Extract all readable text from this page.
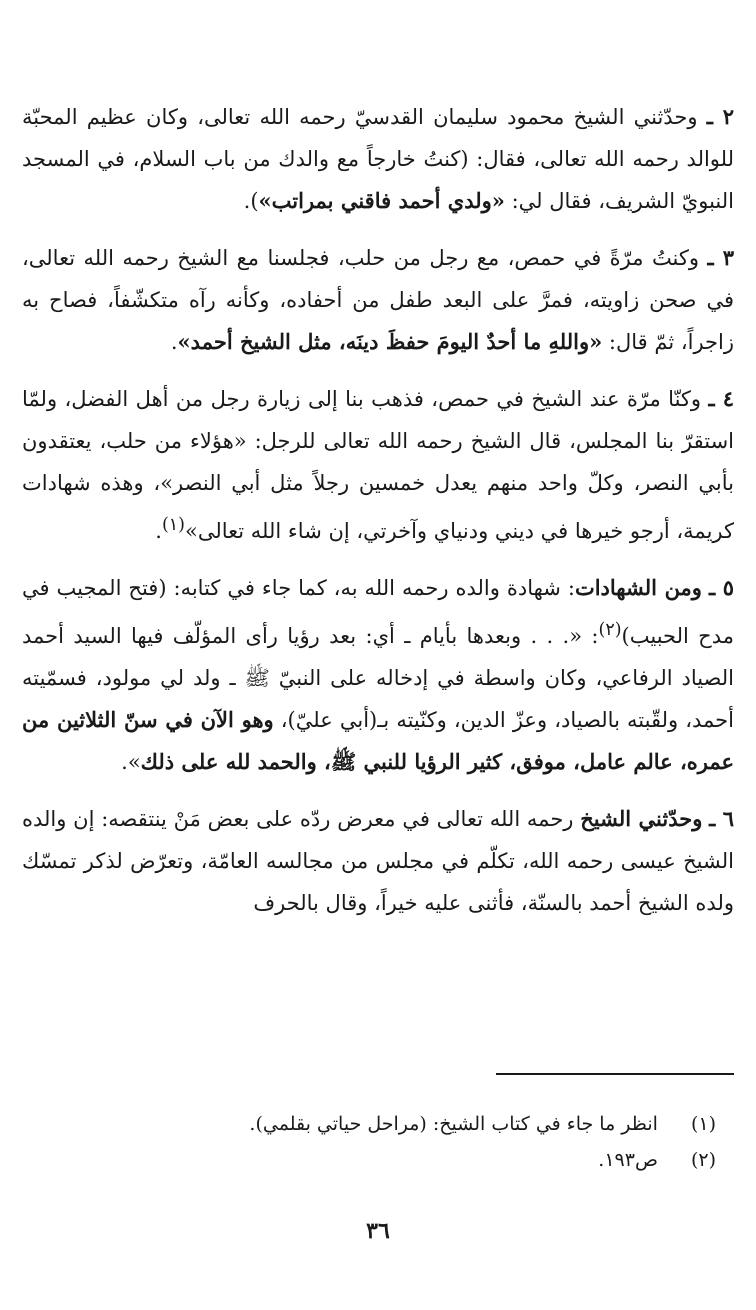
٢ ـ وحدّثني الشيخ محمود سليمان القدسيّ رحمه الله تعالى، وكان عظيم المحبّة للوالد رحمه الله تعالى، فقال: (كنتُ خارجاً مع والدك من باب السلام، في المسجد النبويّ الشريف، فقال لي: «ولدي أحمد فاقني بمراتب»).

٣ ـ وكنتُ مرّةً في حمص، مع رجل من حلب، فجلسنا مع الشيخ رحمه الله تعالى، في صحن زاويته، فمرَّ على البعد طفل من أحفاده، وكأنه رآه متكشّفاً، فصاح به زاجراً، ثمّ قال: «واللهِ ما أحدٌ اليومَ حفظَ دينَه، مثل الشيخ أحمد».

٤ ـ وكنّا مرّة عند الشيخ في حمص، فذهب بنا إلى زيارة رجل من أهل الفضل، ولمّا استقرّ بنا المجلس، قال الشيخ رحمه الله تعالى للرجل: «هؤلاء من حلب، يعتقدون بأبي النصر، وكلّ واحد منهم يعدل خمسين رجلاً مثل أبي النصر»، وهذه شهادات كريمة، أرجو خيرها في ديني ودنياي وآخرتي، إن شاء الله تعالى»$^{(١)}$.

٥ ـ ومن الشهادات: شهادة والده رحمه الله به، كما جاء في كتابه: (فتح المجيب في مدح الحبيب)$^{(٢)}$: «. . . وبعدها بأيام ـ أي: بعد رؤيا رأى المؤلّف فيها السيد أحمد الصياد الرفاعي، وكان واسطة في إدخاله على النبيّ ﷺ ـ ولد لي مولود، فسمّيته أحمد، ولقّبته بالصياد، وعزّ الدين، وكنّيته بـ(أبي عليّ)، وهو الآن في سنّ الثلاثين من عمره، عالم عامل، موفق، كثير الرؤيا للنبي ﷺ، والحمد لله على ذلك».

٦ ـ وحدّثني الشيخ رحمه الله تعالى في معرض ردّه على بعض مَنْ ينتقصه: إن والده الشيخ عيسى رحمه الله، تكلّم في مجلس من مجالسه العامّة، وتعرّض لذكر تمسّك ولده الشيخ أحمد بالسنّة، فأثنى عليه خيراً، وقال بالحرف

(١) انظر ما جاء في كتاب الشيخ: (مراحل حياتي بقلمي).
(٢) ص١٩٣.
٣٦
